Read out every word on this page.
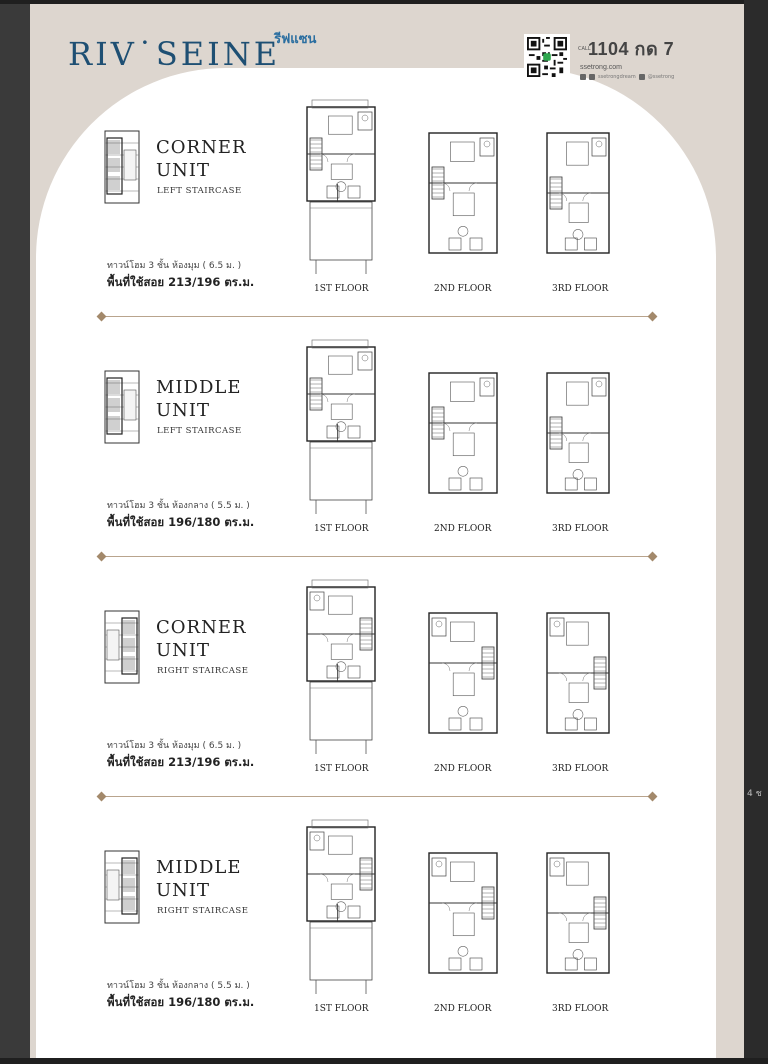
4 ช
RIV˙SEINE
รีฟแซน
CALL
1104 กด 7
ssetrong.com
ssetrongdream @ssetrong
CORNER
UNIT
LEFT STAIRCASE
ทาวน์โฮม 3 ชั้น ห้องมุม ( 6.5 ม. )
พื้นที่ใช้สอย 213/196 ตร.ม.	1ST FLOOR	2ND FLOOR	3RD FLOOR
MIDDLE
UNIT
LEFT STAIRCASE
ทาวน์โฮม 3 ชั้น ห้องกลาง ( 5.5 ม. )
พื้นที่ใช้สอย 196/180 ตร.ม.	1ST FLOOR	2ND FLOOR	3RD FLOOR
CORNER
UNIT
RIGHT STAIRCASE
ทาวน์โฮม 3 ชั้น ห้องมุม ( 6.5 ม. )
พื้นที่ใช้สอย 213/196 ตร.ม.	1ST FLOOR	2ND FLOOR	3RD FLOOR
MIDDLE
UNIT
RIGHT STAIRCASE
ทาวน์โฮม 3 ชั้น ห้องกลาง ( 5.5 ม. )
พื้นที่ใช้สอย 196/180 ตร.ม.	1ST FLOOR	2ND FLOOR	3RD FLOOR
